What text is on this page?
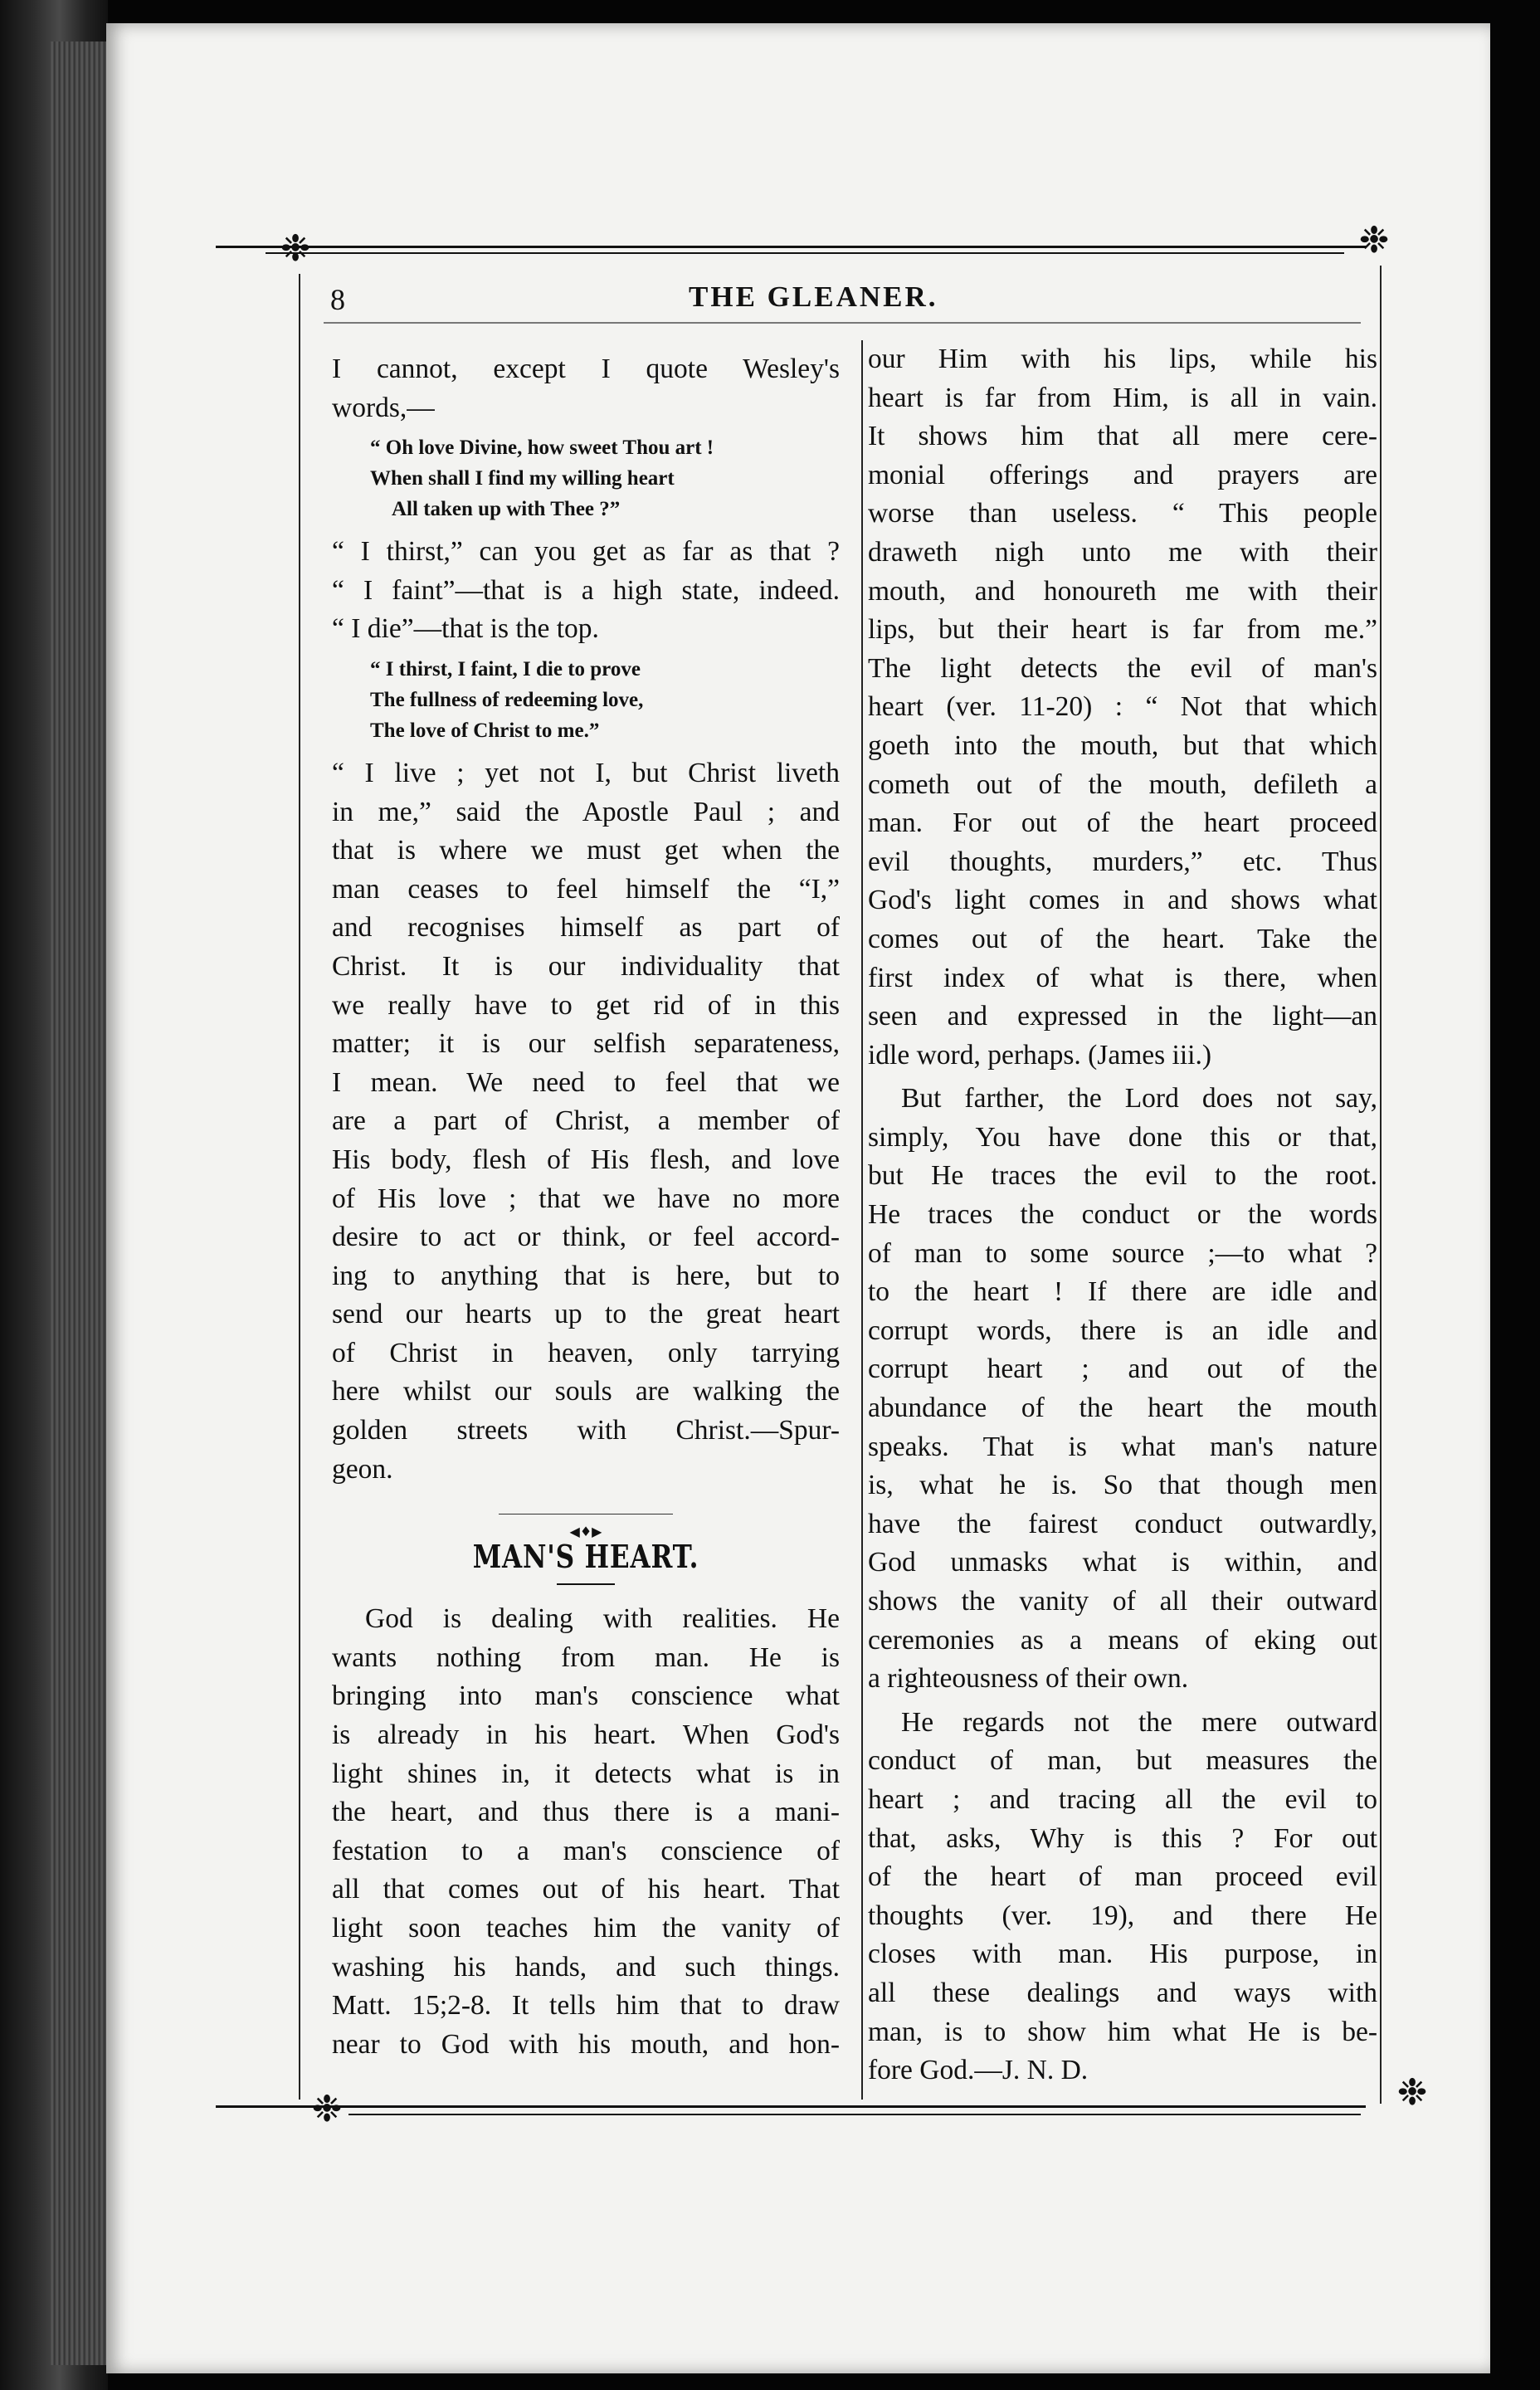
❉	❉
❉	❉
8	THE GLEANER.

I cannot, except I quote Wesley's
words,—

“ Oh love Divine, how sweet Thou art !
When shall I find my willing heart
All taken up with Thee ?”

“ I thirst,” can you get as far as that ?
“ I faint”—that is a high state, indeed.
“ I die”—that is the top.

“ I thirst, I faint, I die to prove
The fullness of redeeming love,
The love of Christ to me.”

“ I live ; yet not I, but Christ liveth
in me,” said the Apostle Paul ; and
that is where we must get when the
man ceases to feel himself the “I,”
and recognises himself as part of
Christ. It is our individuality that
we really have to get rid of in this
matter; it is our selfish separateness,
I mean. We need to feel that we
are a part of Christ, a member of
His body, flesh of His flesh, and love
of His love ; that we have no more
desire to act or think, or feel accord-
ing to anything that is here, but to
send our hearts up to the great heart
of Christ in heaven, only tarrying
here whilst our souls are walking the
golden streets with Christ.—Spur-
geon.

◀♦▶
MAN'S HEART.

God is dealing with realities. He
wants nothing from man. He is
bringing into man's conscience what
is already in his heart. When God's
light shines in, it detects what is in
the heart, and thus there is a mani-
festation to a man's conscience of
all that comes out of his heart. That
light soon teaches him the vanity of
washing his hands, and such things.
Matt. 15;2-8. It tells him that to draw
near to God with his mouth, and hon-

our Him with his lips, while his
heart is far from Him, is all in vain.
It shows him that all mere cere-
monial offerings and prayers are
worse than useless. “ This people
draweth nigh unto me with their
mouth, and honoureth me with their
lips, but their heart is far from me.”
The light detects the evil of man's
heart (ver. 11-20) : “ Not that which
goeth into the mouth, but that which
cometh out of the mouth, defileth a
man. For out of the heart proceed
evil thoughts, murders,” etc. Thus
God's light comes in and shows what
comes out of the heart. Take the
first index of what is there, when
seen and expressed in the light—an
idle word, perhaps. (James iii.)

But farther, the Lord does not say,
simply, You have done this or that,
but He traces the evil to the root.
He traces the conduct or the words
of man to some source ;—to what ?
to the heart ! If there are idle and
corrupt words, there is an idle and
corrupt heart ; and out of the
abundance of the heart the mouth
speaks. That is what man's nature
is, what he is. So that though men
have the fairest conduct outwardly,
God unmasks what is within, and
shows the vanity of all their outward
ceremonies as a means of eking out
a righteousness of their own.

He regards not the mere outward
conduct of man, but measures the
heart ; and tracing all the evil to
that, asks, Why is this ? For out
of the heart of man proceed evil
thoughts (ver. 19), and there He
closes with man. His purpose, in
all these dealings and ways with
man, is to show him what He is be-
fore God.—J. N. D.
